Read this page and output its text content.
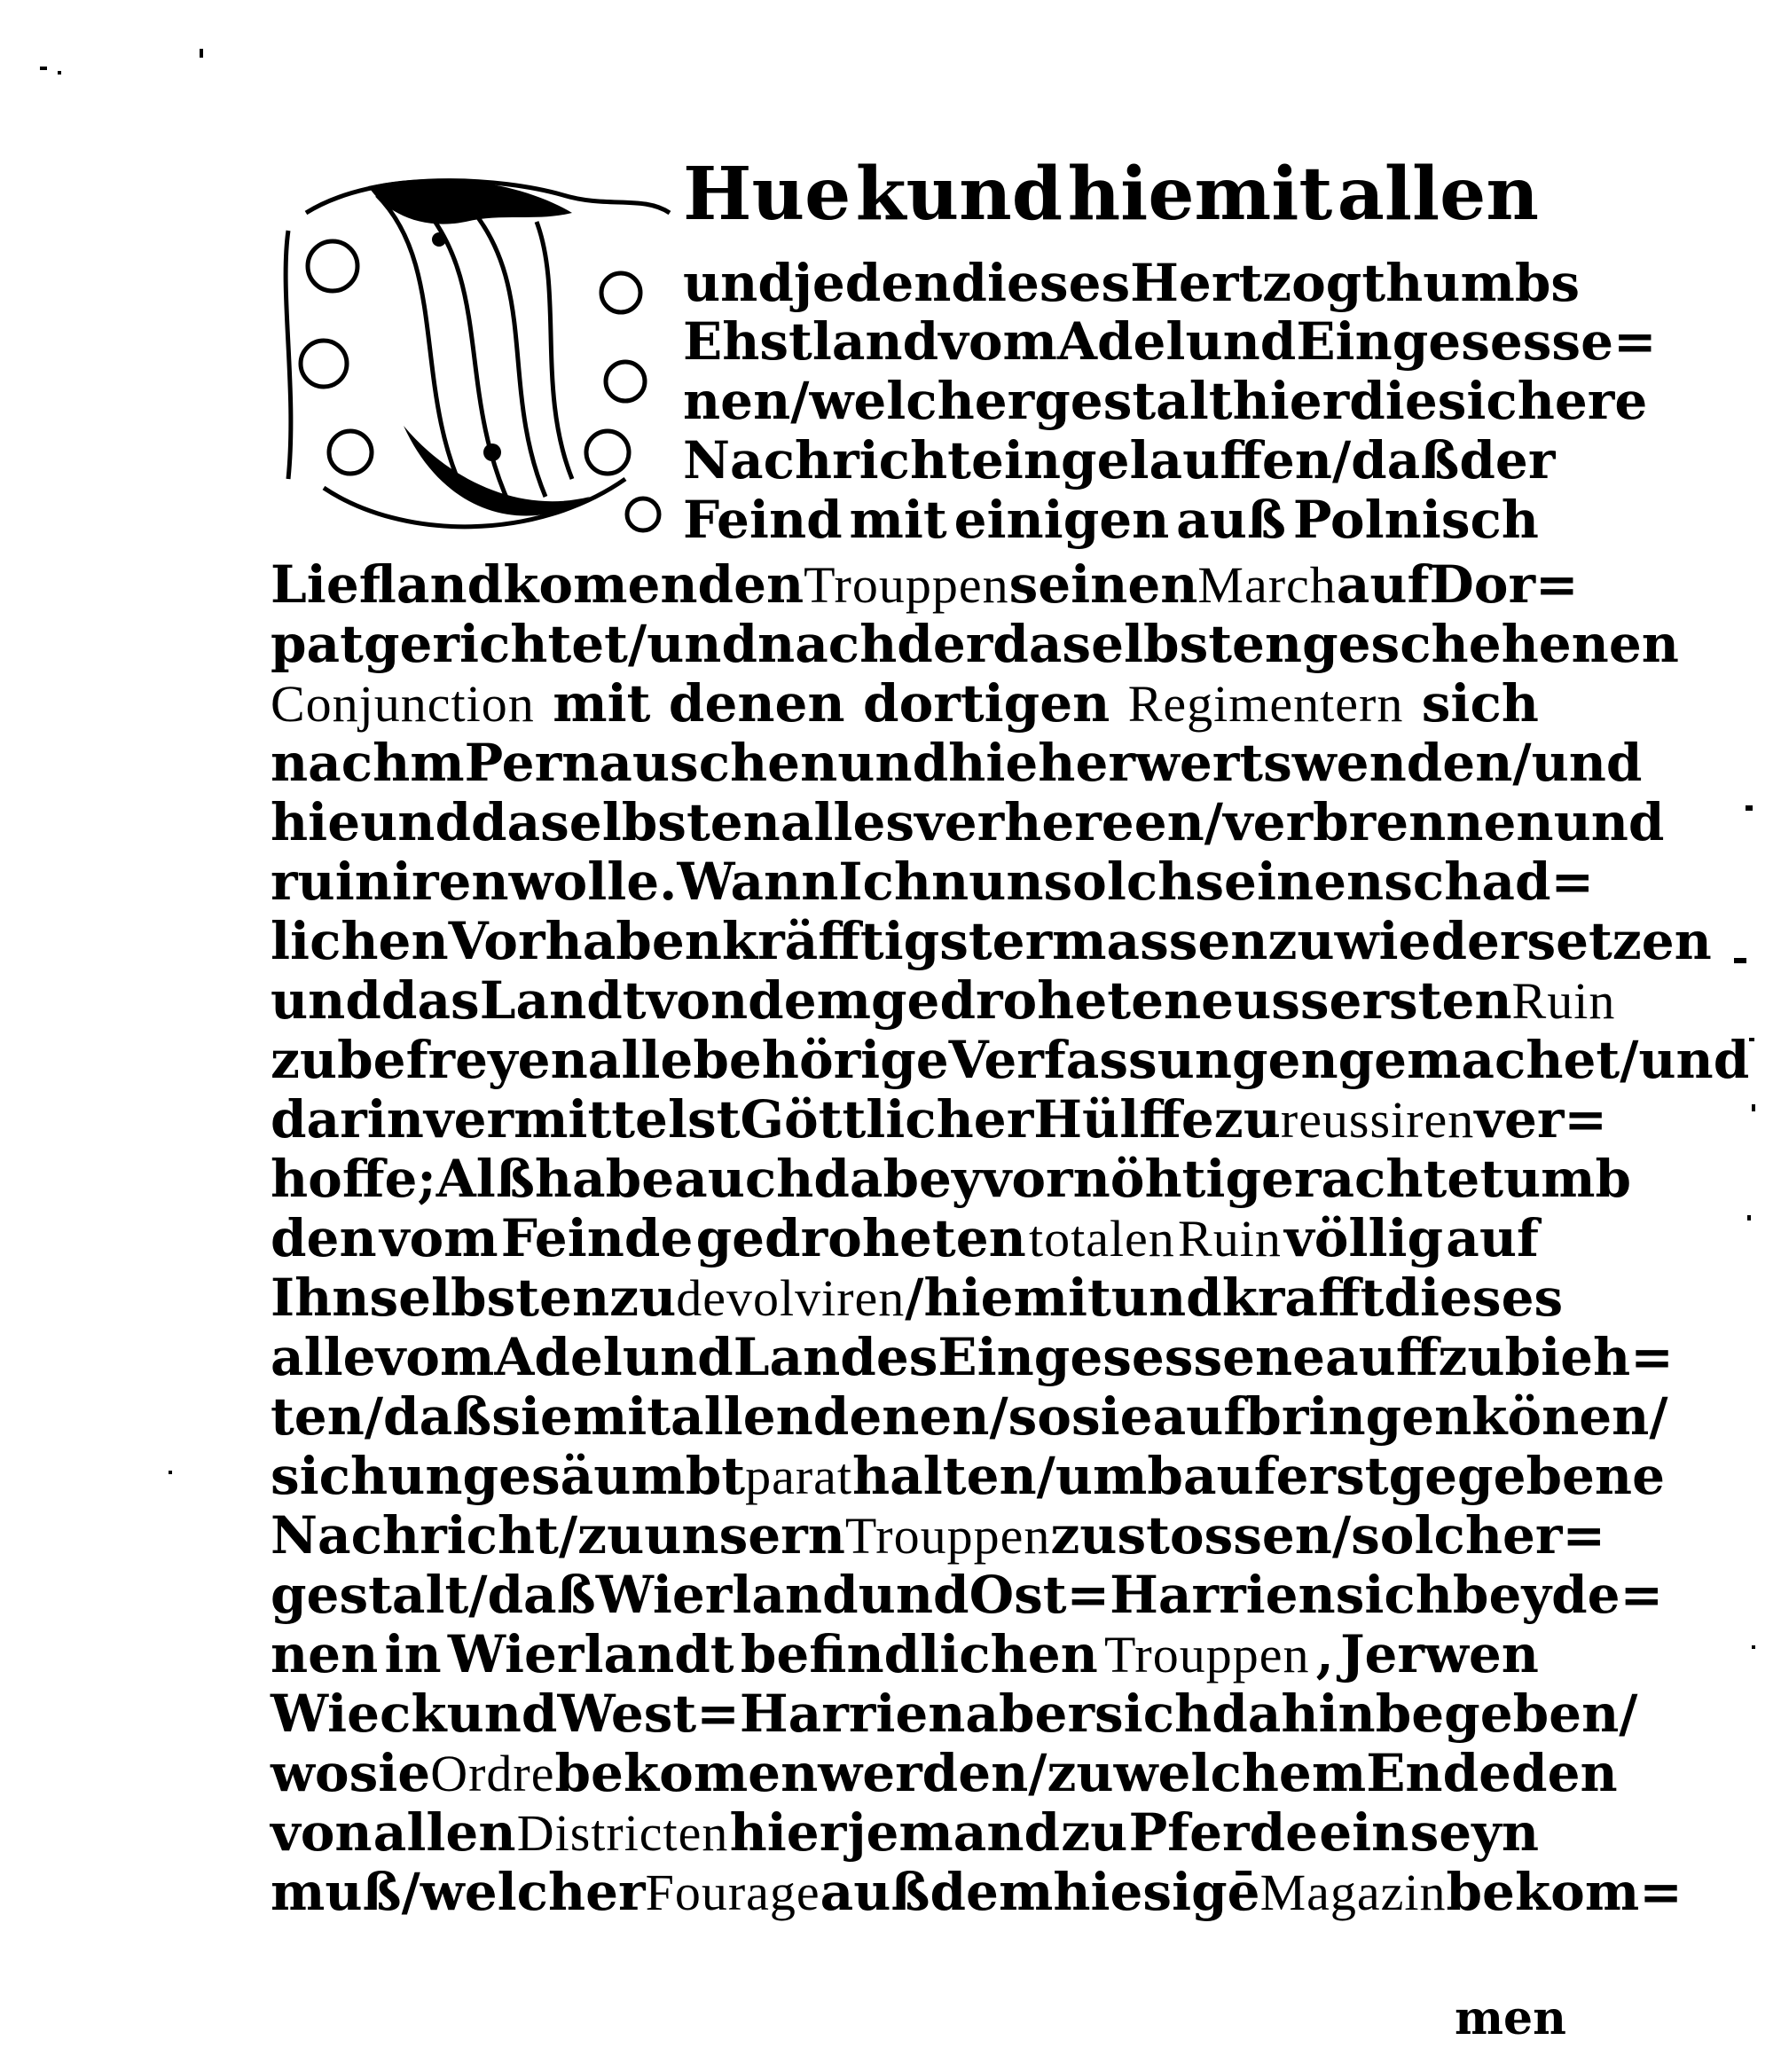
Hue kund hiemit allen
und jeden dieses Hertzogthumbs
Ehstland vom Adel und Eingesesse=
nen / welchergestalt hier die sichere
Nachricht eingelauffen / daß der
Feind mit einigen auß Polnisch
Liefland komenden Trouppen seinen March auf Dor=
pat gerichtet / und nach der daselbsten geschehenen
Conjunction mit denen dortigen Regimentern sich
nachm Pernauschen und hieherwerts wenden / und
hie und daselbsten alles verhereen / verbrennen und
ruiniren wolle. Wann Ich nun solch seinen schad=
lichen Vorhaben kräfftigster massen zu wiedersetzen
und das Landt von dem gedroheten eussersten Ruin
zu befreyen alle behörige Verfassungen gemachet/und
darin vermittelst Göttlicher Hülffe zu reussiren ver=
hoffe; Alß habe auch dabey vor nöhtig erachtet umb
den vom Feinde gedroheten totalen Ruin völlig auf
Ihn selbsten zu devolviren / hiemit und krafft dieses
alle vom Adel und Landes Eingesessene auffzubieh=
ten/ daß sie mit allen denen / so sie aufbringen könen/
sich ungesäumbt parat halten / umb auf erst gegebene
Nachricht / zu unsern Trouppen zu stossen / solcher=
gestalt / daß Wierland und Ost=Harrien sich bey de=
nen in Wierlandt befindlichen Trouppen , Jerwen
Wieck und West=Harrien aber sich dahin begeben/
wo sie Ordre bekomen werden/ zu welchem Ende den
von allen Districten hier jemand zu Pferde ein seyn
muß/welcher Fourage auß dem hiesigē Magazin bekom=
men
